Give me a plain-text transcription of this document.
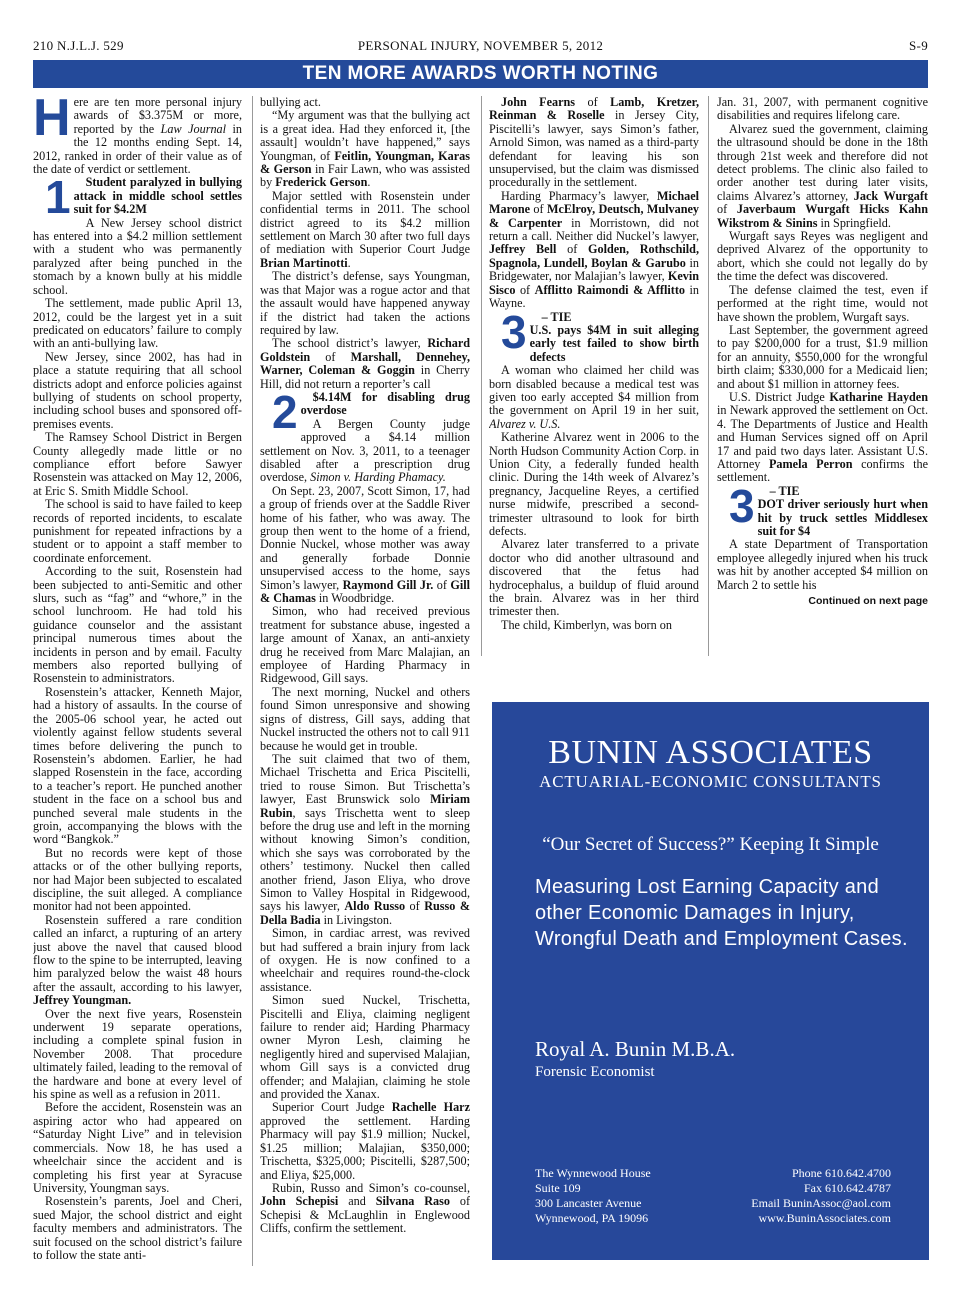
210 N.J.L.J. 529	PERSONAL INJURY, NOVEMBER 5, 2012	S-9
TEN MORE AWARDS WORTH NOTING

Here are ten more personal injury awards of $3.375M or more, reported by the Law Journal in the 12 months ending Sept. 14, 2012, ranked in order of their value as of the date of verdict or settlement.

1 Student paralyzed in bullying attack in middle school settles suit for $4.2M

A New Jersey school district has entered into a $4.2 million settlement with a student who was permanently paralyzed after being punched in the stomach by a known bully at his middle school.

The settlement, made public April 13, 2012, could be the largest yet in a suit predicated on educators’ failure to comply with an anti-bullying law.

New Jersey, since 2002, has had in place a statute requiring that all school districts adopt and enforce policies against bullying of students on school property, including school buses and sponsored off-premises events.

The Ramsey School District in Bergen County allegedly made little or no compliance effort before Sawyer Rosenstein was attacked on May 12, 2006, at Eric S. Smith Middle School.

The school is said to have failed to keep records of reported incidents, to escalate punishment for repeated infractions by a student or to appoint a staff member to coordinate enforcement.

According to the suit, Rosenstein had been subjected to anti-Semitic and other slurs, such as “fag” and “whore,” in the school lunchroom. He had told his guidance counselor and the assistant principal numerous times about the incidents in person and by email. Faculty members also reported bullying of Rosenstein to administrators.

Rosenstein’s attacker, Kenneth Major, had a history of assaults. In the course of the 2005-06 school year, he acted out violently against fellow students several times before delivering the punch to Rosenstein’s abdomen. Earlier, he had slapped Rosenstein in the face, according to a teacher’s report. He punched another student in the face on a school bus and punched several male students in the groin, accompanying the blows with the word “Bangkok.”

But no records were kept of those attacks or of the other bullying reports, nor had Major been subjected to escalated discipline, the suit alleged. A compliance monitor had not been appointed.

Rosenstein suffered a rare condition called an infarct, a rupturing of an artery just above the navel that caused blood flow to the spine to be interrupted, leaving him paralyzed below the waist 48 hours after the assault, according to his lawyer, Jeffrey Youngman.

Over the next five years, Rosenstein underwent 19 separate operations, including a complete spinal fusion in November 2008. That procedure ultimately failed, leading to the removal of the hardware and bone at every level of his spine as well as a refusion in 2011.

Before the accident, Rosenstein was an aspiring actor who had appeared on “Saturday Night Live” and in television commercials. Now 18, he has used a wheelchair since the accident and is completing his first year at Syracuse University, Youngman says.

Rosenstein’s parents, Joel and Cheri, sued Major, the school district and eight faculty members and administrators. The suit focused on the school district’s failure to follow the state anti-

bullying act.

“My argument was that the bullying act is a great idea. Had they enforced it, [the assault] wouldn’t have happened,” says Youngman, of Feitlin, Youngman, Karas & Gerson in Fair Lawn, who was assisted by Frederick Gerson.

Major settled with Rosenstein under confidential terms in 2011. The school district agreed to its $4.2 million settlement on March 30 after two full days of mediation with Superior Court Judge Brian Martinotti.

The district’s defense, says Youngman, was that Major was a rogue actor and that the assault would have happened anyway if the district had taken the actions required by law.

The school district’s lawyer, Richard Goldstein of Marshall, Dennehey, Warner, Coleman & Goggin in Cherry Hill, did not return a reporter’s call

2 $4.14M for disabling drug overdose

A Bergen County judge approved a $4.14 million settlement on Nov. 3, 2011, to a teenager disabled after a prescription drug overdose, Simon v. Harding Phamacy.

On Sept. 23, 2007, Scott Simon, 17, had a group of friends over at the Saddle River home of his father, who was away. The group then went to the home of a friend, Donnie Nuckel, whose mother was away and generally forbade Donnie unsupervised access to the home, says Simon’s lawyer, Raymond Gill Jr. of Gill & Chamas in Woodbridge.

Simon, who had received previous treatment for substance abuse, ingested a large amount of Xanax, an anti-anxiety drug he received from Marc Malajian, an employee of Harding Pharmacy in Ridgewood, Gill says.

The next morning, Nuckel and others found Simon unresponsive and showing signs of distress, Gill says, adding that Nuckel instructed the others not to call 911 because he would get in trouble.

The suit claimed that two of them, Michael Trischetta and Erica Piscitelli, tried to rouse Simon. But Trischetta’s lawyer, East Brunswick solo Miriam Rubin, says Trischetta went to sleep before the drug use and left in the morning without knowing Simon’s condition, which she says was corroborated by the others’ testimony. Nuckel then called another friend, Jason Eliya, who drove Simon to Valley Hospital in Ridgewood, says his lawyer, Aldo Russo of Russo & Della Badia in Livingston.

Simon, in cardiac arrest, was revived but had suffered a brain injury from lack of oxygen. He is now confined to a wheelchair and requires round-the-clock assistance.

Simon sued Nuckel, Trischetta, Piscitelli and Eliya, claiming negligent failure to render aid; Harding Pharmacy owner Myron Lesh, claiming he negligently hired and supervised Malajian, whom Gill says is a convicted drug offender; and Malajian, claiming he stole and provided the Xanax.

Superior Court Judge Rachelle Harz approved the settlement. Harding Pharmacy will pay $1.9 million; Nuckel, $1.25 million; Malajian, $350,000; Trischetta, $325,000; Piscitelli, $287,500; and Eliya, $25,000.

Rubin, Russo and Simon’s co-counsel, John Schepisi and Silvana Raso of Schepisi & McLaughlin in Englewood Cliffs, confirm the settlement.

John Fearns of Lamb, Kretzer, Reinman & Roselle in Jersey City, Piscitelli’s lawyer, says Simon’s father, Arnold Simon, was named as a third-party defendant for leaving his son unsupervised, but the claim was dismissed procedurally in the settlement.

Harding Pharmacy’s lawyer, Michael Marone of McElroy, Deutsch, Mulvaney & Carpenter in Morristown, did not return a call. Neither did Nuckel’s lawyer, Jeffrey Bell of Golden, Rothschild, Spagnola, Lundell, Boylan & Garubo in Bridgewater, nor Malajian’s lawyer, Kevin Sisco of Afflitto Raimondi & Afflitto in Wayne.

3 – TIE
U.S. pays $4M in suit alleging early test failed to show birth defects

A woman who claimed her child was born disabled because a medical test was given too early accepted $4 million from the government on April 19 in her suit, Alvarez v. U.S.

Katherine Alvarez went in 2006 to the North Hudson Community Action Corp. in Union City, a federally funded health clinic. During the 14th week of Alvarez’s pregnancy, Jacqueline Reyes, a certified nurse midwife, prescribed a second-trimester ultrasound to look for birth defects.

Alvarez later transferred to a private doctor who did another ultrasound and discovered that the fetus had hydrocephalus, a buildup of fluid around the brain. Alvarez was in her third trimester then.

The child, Kimberlyn, was born on

Jan. 31, 2007, with permanent cognitive disabilities and requires lifelong care.

Alvarez sued the government, claiming the ultrasound should be done in the 18th through 21st week and therefore did not detect problems. The clinic also failed to order another test during later visits, claims Alvarez’s attorney, Jack Wurgaft of Javerbaum Wurgaft Hicks Kahn Wikstrom & Sinins in Springfield.

Wurgaft says Reyes was negligent and deprived Alvarez of the opportunity to abort, which she could not legally do by the time the defect was discovered.

The defense claimed the test, even if performed at the right time, would not have shown the problem, Wurgaft says.

Last September, the government agreed to pay $200,000 for a trust, $1.9 million for an annuity, $550,000 for the wrongful birth claim; $330,000 for a Medicaid lien; and about $1 million in attorney fees.

U.S. District Judge Katharine Hayden in Newark approved the settlement on Oct. 4. The Departments of Justice and Health and Human Services signed off on April 17 and paid two days later. Assistant U.S. Attorney Pamela Perron confirms the settlement.

3 – TIE
DOT driver seriously hurt when hit by truck settles Middlesex suit for $4

A state Department of Transportation employee allegedly injured when his truck was hit by another accepted $4 million on March 2 to settle his

Continued on next page
BUNIN ASSOCIATES
ACTUARIAL-ECONOMIC CONSULTANTS
“Our Secret of Success?” Keeping It Simple
Measuring Lost Earning Capacity and other Economic Damages in Injury, Wrongful Death and Employment Cases.
Royal A. Bunin M.B.A.
Forensic Economist
The Wynnewood House
Suite 109
300 Lancaster Avenue
Wynnewood, PA 19096
Phone 610.642.4700
Fax 610.642.4787
Email BuninAssoc@aol.com
www.BuninAssociates.com
